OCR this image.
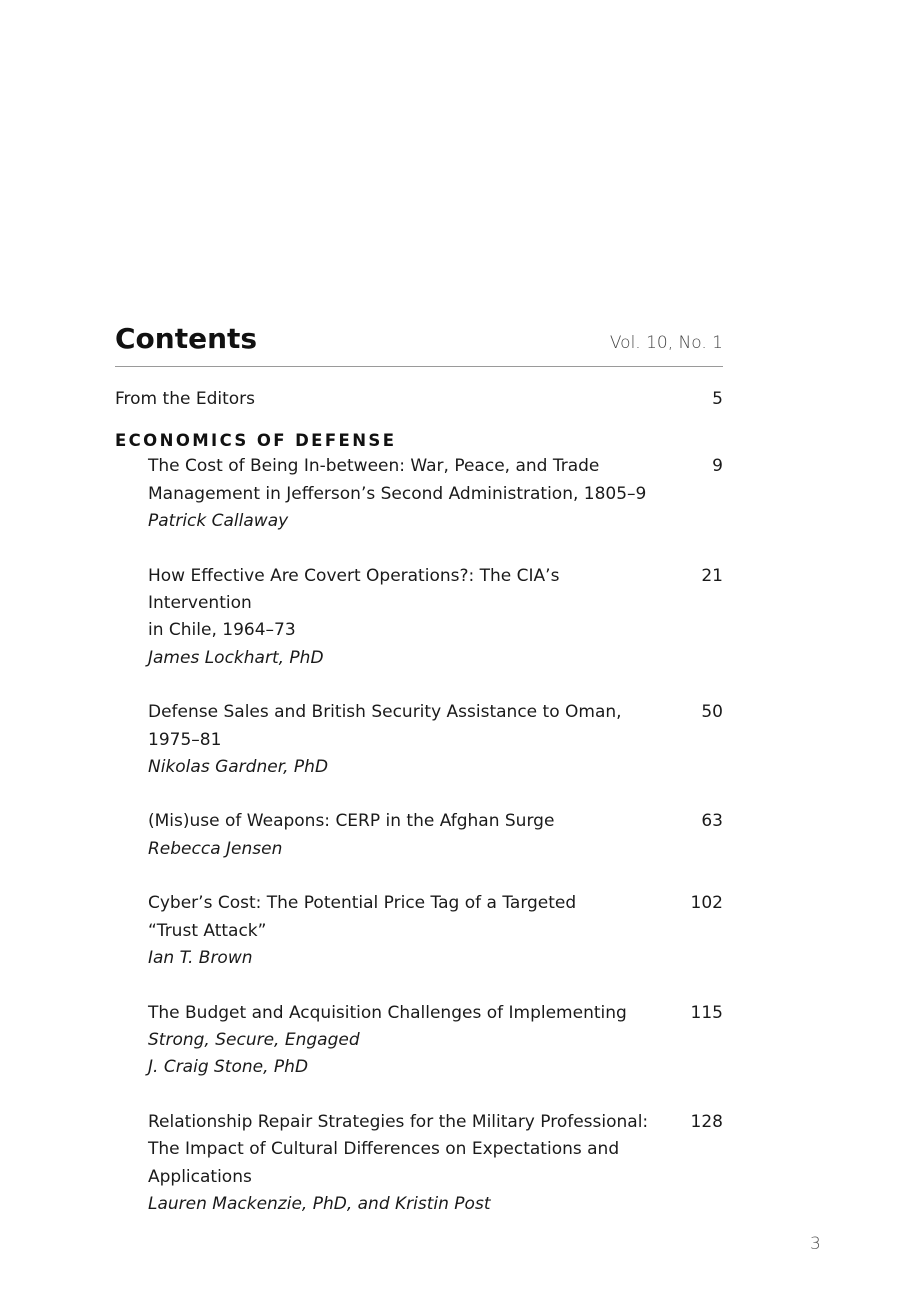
Contents	Vol. 10, No. 1
From the Editors	5
ECONOMICS OF DEFENSE
The Cost of Being In-between: War, Peace, and Trade
Management in Jefferson’s Second Administration, 1805–9
Patrick Callaway
9
How Effective Are Covert Operations?: The CIA’s Intervention
in Chile, 1964–73
James Lockhart, PhD
21
Defense Sales and British Security Assistance to Oman,
1975–81
Nikolas Gardner, PhD
50
(Mis)use of Weapons: CERP in the Afghan Surge
Rebecca Jensen
63
Cyber’s Cost: The Potential Price Tag of a Targeted
“Trust Attack”
Ian T. Brown
102
The Budget and Acquisition Challenges of Implementing
Strong, Secure, Engaged
J. Craig Stone, PhD
115
Relationship Repair Strategies for the Military Professional:
The Impact of Cultural Differences on Expectations and
Applications
Lauren Mackenzie, PhD, and Kristin Post
128
3
